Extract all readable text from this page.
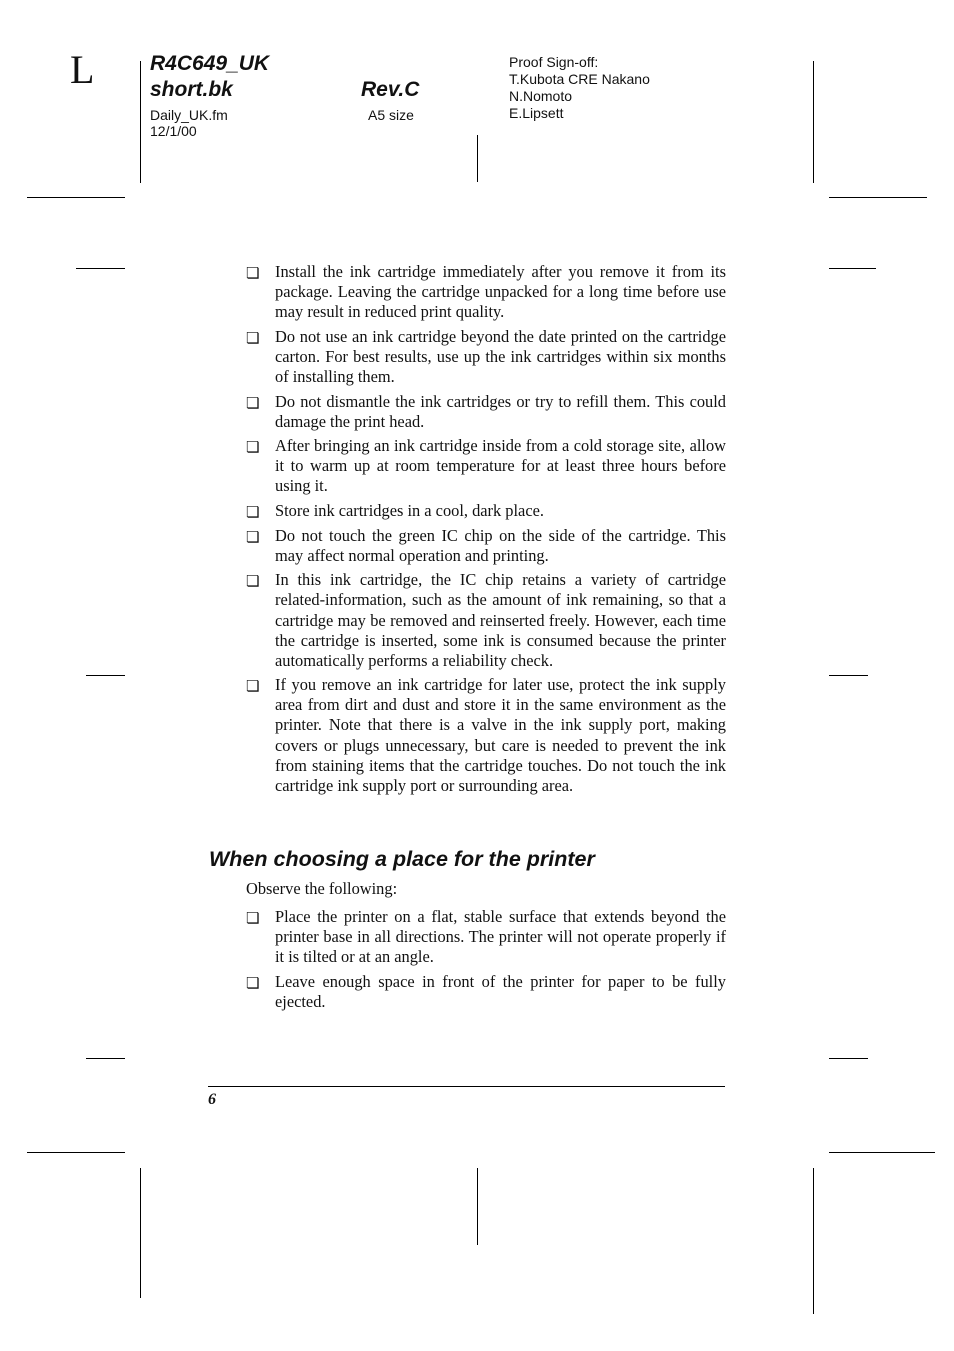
L	R4C649_UK
short.bk	Rev.C
Daily_UK.fm
12/1/00
A5 size
Proof Sign-off:
T.Kubota CRE Nakano
N.Nomoto
E.Lipsett
❏ Install the ink cartridge immediately after you remove it from its package. Leaving the cartridge unpacked for a long time before use may result in reduced print quality.
❏ Do not use an ink cartridge beyond the date printed on the cartridge carton. For best results, use up the ink cartridges within six months of installing them.
❏ Do not dismantle the ink cartridges or try to refill them. This could damage the print head.
❏ After bringing an ink cartridge inside from a cold storage site, allow it to warm up at room temperature for at least three hours before using it.
❏ Store ink cartridges in a cool, dark place.
❏ Do not touch the green IC chip on the side of the cartridge. This may affect normal operation and printing.
❏ In this ink cartridge, the IC chip retains a variety of cartridge related-information, such as the amount of ink remaining, so that a cartridge may be removed and reinserted freely. However, each time the cartridge is inserted, some ink is consumed because the printer automatically performs a reliability check.
❏ If you remove an ink cartridge for later use, protect the ink supply area from dirt and dust and store it in the same environment as the printer. Note that there is a valve in the ink supply port, making covers or plugs unnecessary, but care is needed to prevent the ink from staining items that the cartridge touches. Do not touch the ink cartridge ink supply port or surrounding area.
When choosing a place for the printer
Observe the following:
❏ Place the printer on a flat, stable surface that extends beyond the printer base in all directions. The printer will not operate properly if it is tilted or at an angle.
❏ Leave enough space in front of the printer for paper to be fully ejected.
6
